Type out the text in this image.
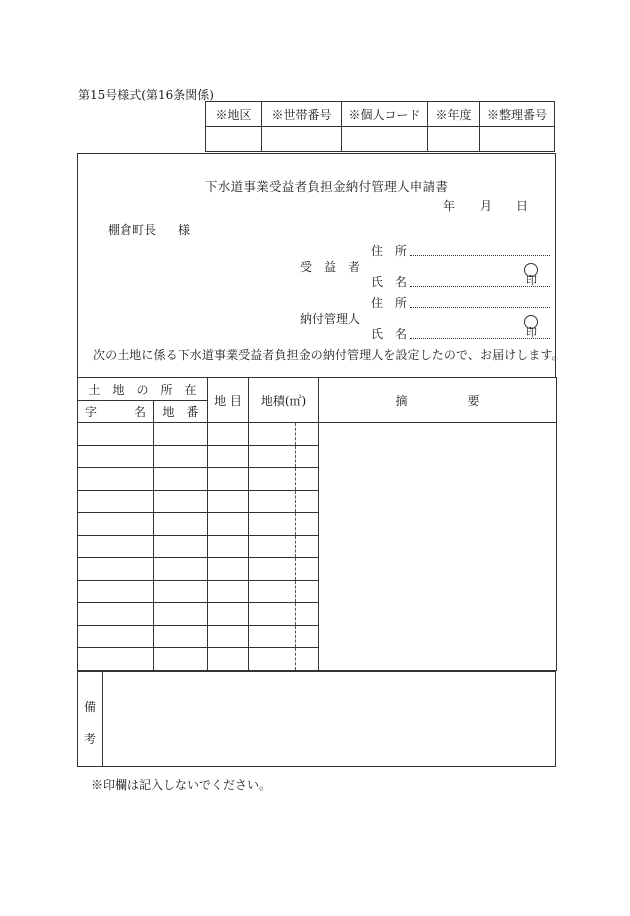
第15号様式(第16条関係)
※地区	※世帯番号	※個人コード	※年度	※整理番号

下水道事業受益者負担金納付管理人申請書
年 月 日
棚倉町長 様
住　所
受　益　者
氏　名	印
住　所
納付管理人
氏　名	印
次の土地に係る下水道事業受益者負担金の納付管理人を設定したので、お届けします。
土　地　の　所　在		地 目	地積(㎡)		摘　　　　　要

字 名	地　番				

備
考
※印欄は記入しないでください。
